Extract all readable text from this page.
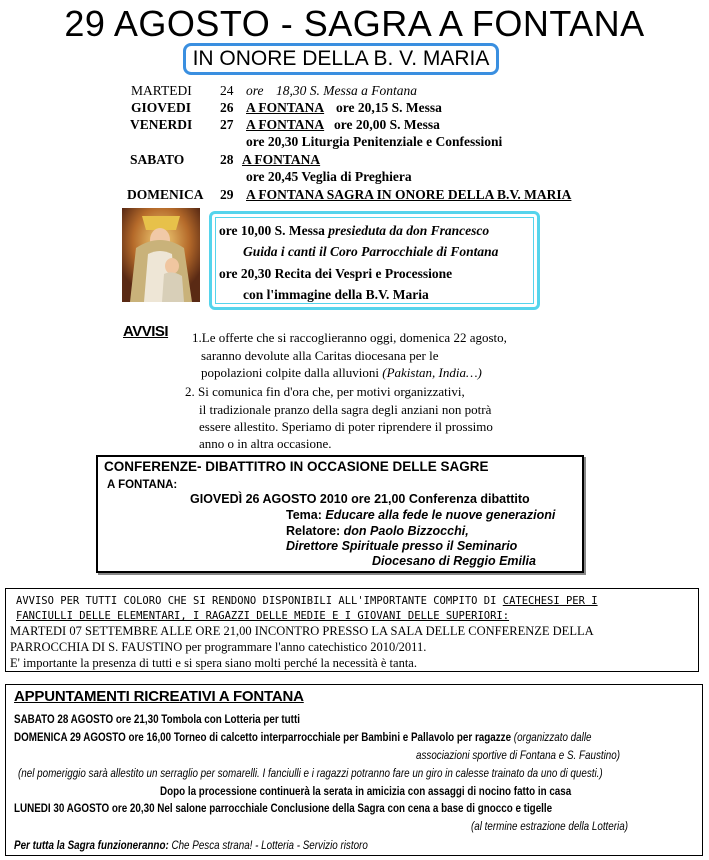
29 AGOSTO - SAGRA A FONTANA
IN ONORE DELLA B. V. MARIA
MARTEDI 24 ore 18,30 S. Messa a Fontana
GIOVEDI 26 A FONTANA ore 20,15 S. Messa
VENERDI 27 A FONTANA ore 20,00 S. Messa
ore 20,30 Liturgia Penitenziale e Confessioni
SABATO	28 A FONTANA
ore 20,45 Veglia di Preghiera
DOMENICA 29 A FONTANA SAGRA IN ONORE DELLA B.V. MARIA
ore 10,00 S. Messa presieduta da don Francesco
Guida i canti il Coro Parrocchiale di Fontana
ore 20,30 Recita dei Vespri e Processione
con l'immagine della B.V. Maria
AVVISI 1.Le offerte che si raccoglieranno oggi, domenica 22 agosto,
saranno devolute alla Caritas diocesana per le
popolazioni colpite dalla alluvioni (Pakistan, India…)
2. Si comunica fin d'ora che, per motivi organizzativi,
il tradizionale pranzo della sagra degli anziani non potrà
essere allestito. Speriamo di poter riprendere il prossimo
anno o in altra occasione.
CONFERENZE- DIBATTITRO IN OCCASIONE DELLE SAGRE
A FONTANA:
GIOVEDÌ 26 AGOSTO 2010 ore 21,00 Conferenza dibattito
Tema: Educare alla fede le nuove generazioni
Relatore: don Paolo Bizzocchi,
Direttore Spirituale presso il Seminario
Diocesano di Reggio Emilia
AVVISO PER TUTTI COLORO CHE SI RENDONO DISPONIBILI ALL'IMPORTANTE COMPITO DI CATECHESI PER I
FANCIULLI DELLE ELEMENTARI, I RAGAZZI DELLE MEDIE E I GIOVANI DELLE SUPERIORI:
MARTEDI 07 SETTEMBRE ALLE ORE 21,00 INCONTRO PRESSO LA SALA DELLE CONFERENZE DELLA
PARROCCHIA DI S. FAUSTINO per programmare l'anno catechistico 2010/2011.
E' importante la presenza di tutti e si spera siano molti perché la necessità è tanta.
APPUNTAMENTI RICREATIVI A FONTANA
SABATO 28 AGOSTO ore 21,30 Tombola con Lotteria per tutti
DOMENICA 29 AGOSTO ore 16,00 Torneo di calcetto interparrocchiale per Bambini e Pallavolo per ragazze (organizzato dalle
associazioni sportive di Fontana e S. Faustino)
(nel pomeriggio sarà allestito un serraglio per somarelli. I fanciulli e i ragazzi potranno fare un giro in calesse trainato da uno di questi.)
Dopo la processione continuerà la serata in amicizia con assaggi di nocino fatto in casa
LUNEDI 30 AGOSTO ore 20,30 Nel salone parrocchiale Conclusione della Sagra con cena a base di gnocco e tigelle
(al termine estrazione della Lotteria)
Per tutta la Sagra funzioneranno: Che Pesca strana! - Lotteria - Servizio ristoro
